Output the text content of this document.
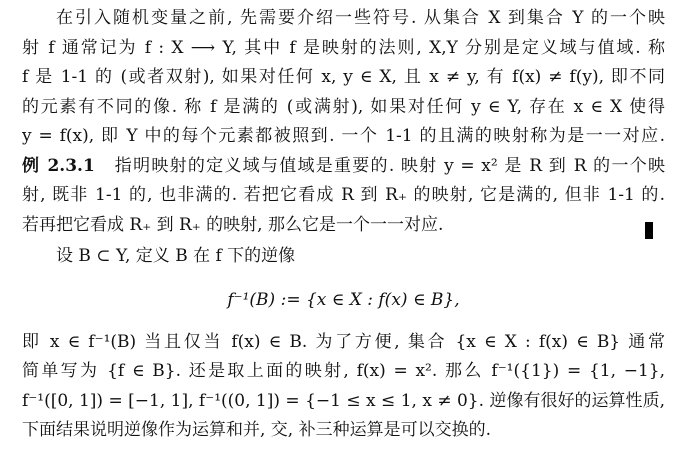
在引入随机变量之前, 先需要介绍一些符号. 从集合 X 到集合 Y 的一个映
射 f 通常记为 f : X ⟶ Y, 其中 f 是映射的法则, X,Y 分别是定义域与值域. 称
f 是 1-1 的 (或者双射), 如果对任何 x, y ∈ X, 且 x ≠ y, 有 f(x) ≠ f(y), 即不同
的元素有不同的像. 称 f 是满的 (或满射), 如果对任何 y ∈ Y, 存在 x ∈ X 使得
y = f(x), 即 Y 中的每个元素都被照到. 一个 1-1 的且满的映射称为是一一对应.
例 2.3.1 指明映射的定义域与值域是重要的. 映射 y = x² 是 R 到 R 的一个映
射, 既非 1-1 的, 也非满的. 若把它看成 R 到 R₊ 的映射, 它是满的, 但非 1-1 的.
若再把它看成 R₊ 到 R₊ 的映射, 那么它是一个一一对应.
设 B ⊂ Y, 定义 B 在 f 下的逆像
f⁻¹(B) := {x ∈ X : f(x) ∈ B},
即 x ∈ f⁻¹(B) 当且仅当 f(x) ∈ B. 为了方便, 集合 {x ∈ X : f(x) ∈ B} 通常
简单写为 {f ∈ B}. 还是取上面的映射, f(x) = x². 那么 f⁻¹({1}) = {1, −1},
f⁻¹([0, 1]) = [−1, 1], f⁻¹((0, 1]) = {−1 ≤ x ≤ 1, x ≠ 0}. 逆像有很好的运算性质,
下面结果说明逆像作为运算和并, 交, 补三种运算是可以交换的.
